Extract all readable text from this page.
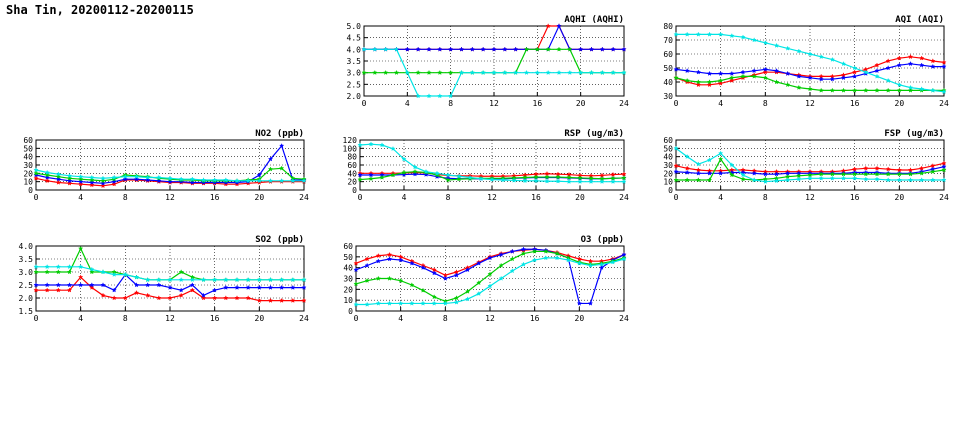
Sha Tin, 20200112-20200115
AQHI (AQHI)
2.0
2.5
3.0
3.5
4.0
4.5
5.0
0	4	8	12	16	20	24
AQI (AQI)
30
40
50
60
70
80
0	4	8	12	16	20	24
NO2 (ppb)
0
10
20
30
40
50
60
0	4	8	12	16	20	24
RSP (ug/m3)
0
20
40
60
80
100
120
0	4	8	12	16	20	24
FSP (ug/m3)
0
10
20
30
40
50
60
0	4	8	12	16	20	24
SO2 (ppb)
1.5
2.0
2.5
3.0
3.5
4.0
0	4	8	12	16	20	24
O3 (ppb)
0
10
20
30
40
50
60
0	4	8	12	16	20	24
